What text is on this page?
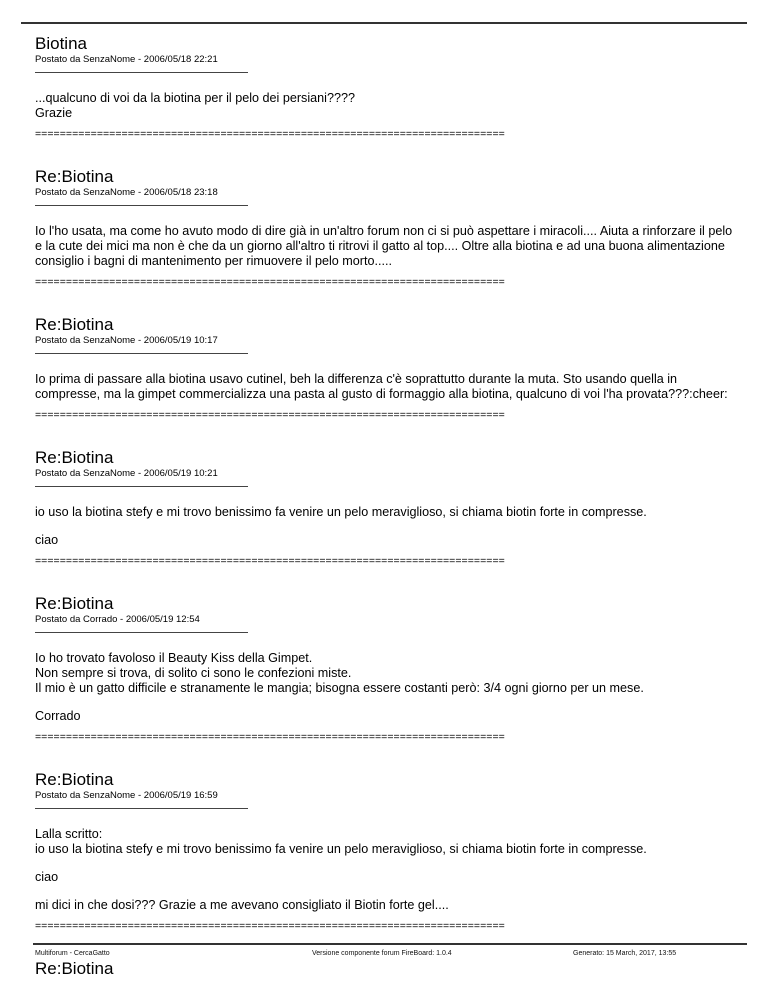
Biotina
Postato da SenzaNome - 2006/05/18 22:21

...qualcuno di voi da la biotina per il pelo dei persiani????
Grazie

============================================================================
Re:Biotina
Postato da SenzaNome - 2006/05/18 23:18

Io l'ho usata, ma come ho avuto modo di dire già in un'altro forum non ci si può aspettare i miracoli.... Aiuta a rinforzare il pelo e la cute dei mici ma non è che da un giorno all'altro ti ritrovi il gatto al top.... Oltre alla biotina e ad una buona alimentazione consiglio i bagni di mantenimento per rimuovere il pelo morto.....

============================================================================
Re:Biotina
Postato da SenzaNome - 2006/05/19 10:17

Io prima di passare alla biotina usavo cutinel, beh la differenza c'è soprattutto durante la muta. Sto usando quella in compresse, ma la gimpet commercializza una pasta al gusto di formaggio alla biotina, qualcuno di voi l'ha provata???:cheer:

============================================================================
Re:Biotina
Postato da SenzaNome - 2006/05/19 10:21

io uso la biotina stefy e mi trovo benissimo fa venire un pelo meraviglioso, si chiama biotin forte in compresse.

ciao

============================================================================
Re:Biotina
Postato da Corrado - 2006/05/19 12:54

Io ho trovato favoloso il Beauty Kiss della Gimpet.
Non sempre si trova, di solito ci sono le confezioni miste.
Il mio è un gatto difficile e stranamente le mangia; bisogna essere costanti però: 3/4 ogni giorno per un mese.

Corrado

============================================================================
Re:Biotina
Postato da SenzaNome - 2006/05/19 16:59

Lalla scritto:
io uso la biotina stefy e mi trovo benissimo fa venire un pelo meraviglioso, si chiama biotin forte in compresse.

ciao

mi dici in che dosi??? Grazie a me avevano consigliato il Biotin forte gel....

============================================================================
Re:Biotina
Multiforum - CercaGatto	Versione componente forum FireBoard: 1.0.4	Generato: 15 March, 2017, 13:55
